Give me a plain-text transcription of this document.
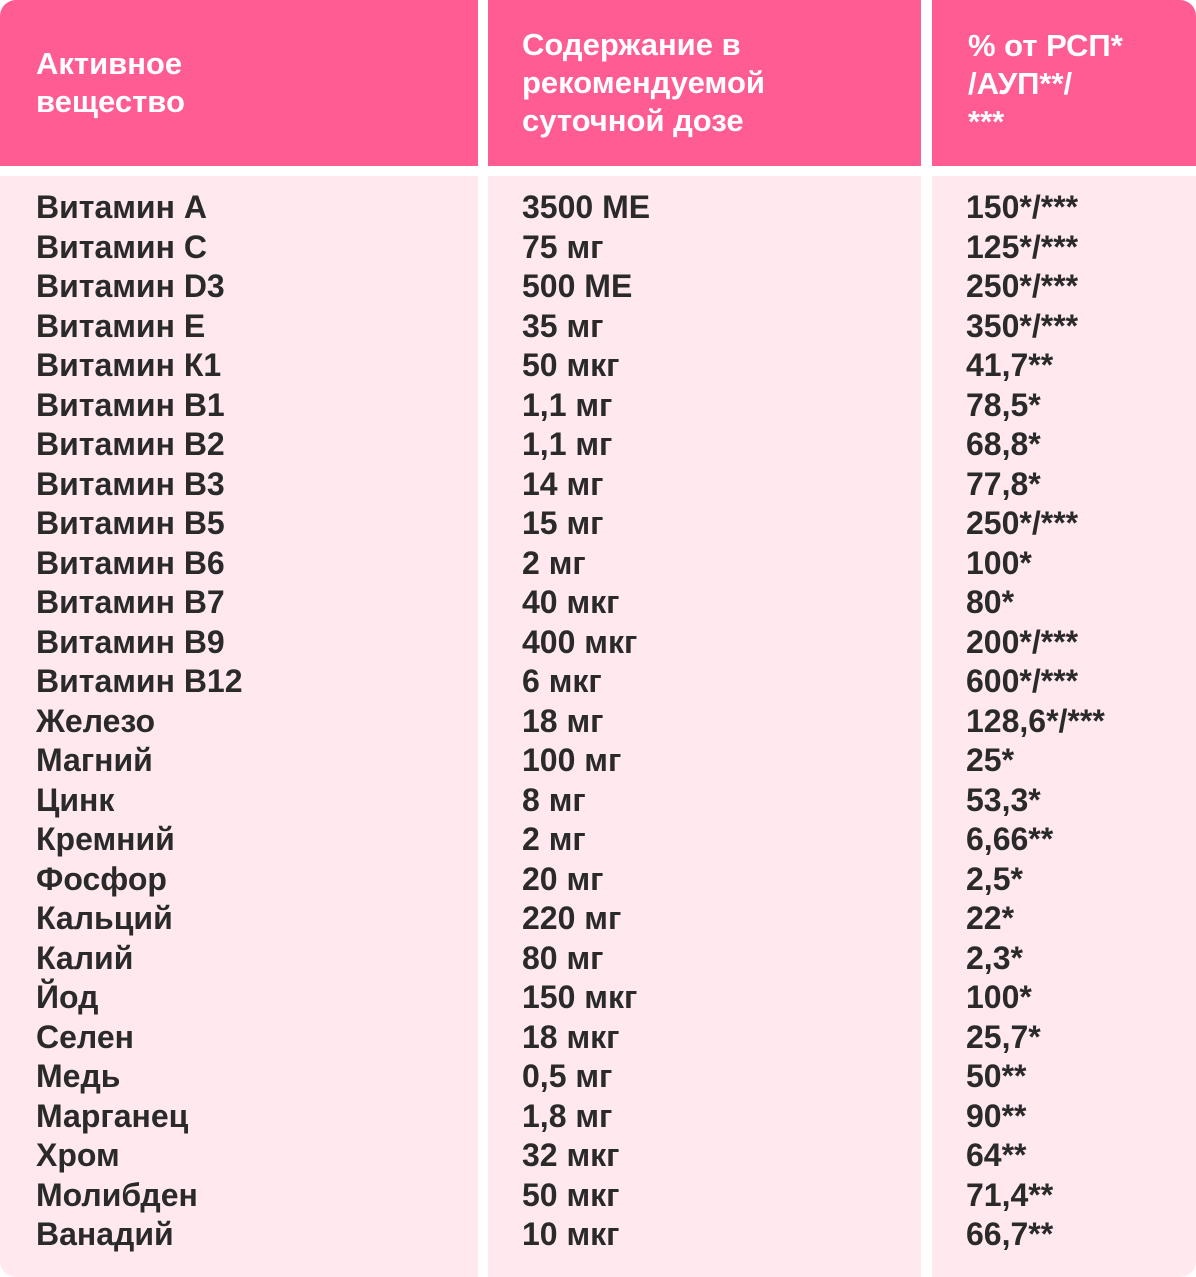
Активное
вещество
Витамин А
Витамин С
Витамин D3
Витамин Е
Витамин К1
Витамин В1
Витамин В2
Витамин В3
Витамин В5
Витамин В6
Витамин В7
Витамин В9
Витамин В12
Железо
Магний
Цинк
Кремний
Фосфор
Кальций
Калий
Йод
Селен
Медь
Марганец
Хром
Молибден
Ванадий
Содержание в
рекомендуемой
суточной дозе
3500 МЕ
75 мг
500 МЕ
35 мг
50 мкг
1,1 мг
1,1 мг
14 мг
15 мг
2 мг
40 мкг
400 мкг
6 мкг
18 мг
100 мг
8 мг
2 мг
20 мг
220 мг
80 мг
150 мкг
18 мкг
0,5 мг
1,8 мг
32 мкг
50 мкг
10 мкг
% от РСП*
/АУП**/
***
150*/***
125*/***
250*/***
350*/***
41,7**
78,5*
68,8*
77,8*
250*/***
100*
80*
200*/***
600*/***
128,6*/***
25*
53,3*
6,66**
2,5*
22*
2,3*
100*
25,7*
50**
90**
64**
71,4**
66,7**
